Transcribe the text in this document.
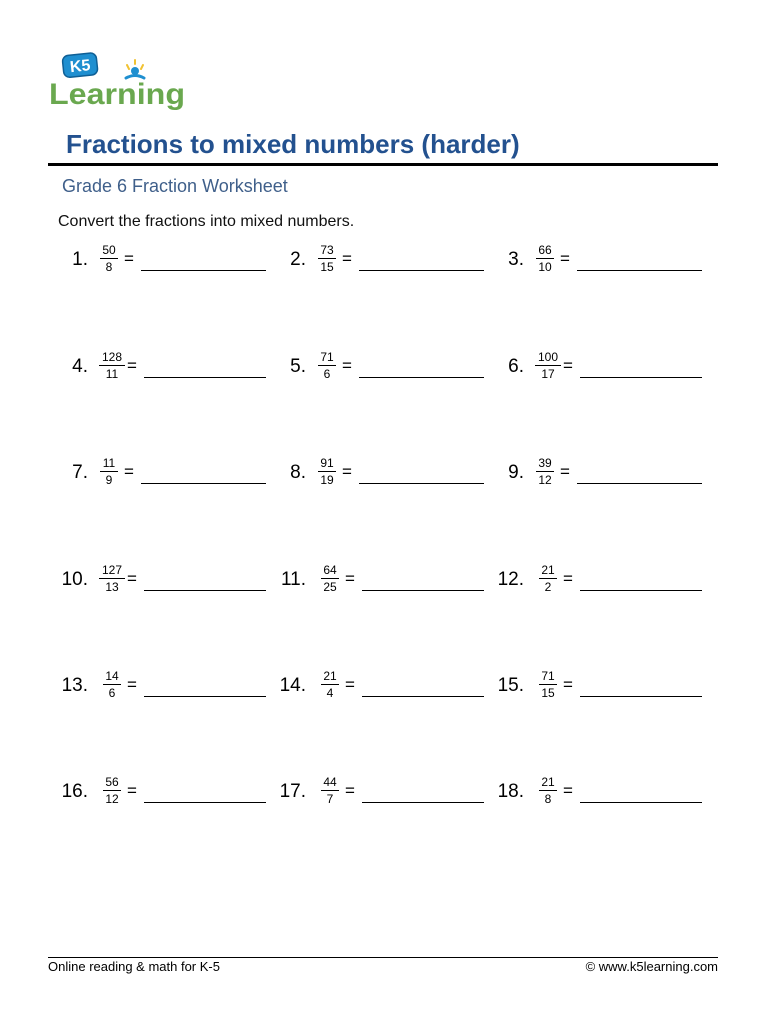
K5
Learning
Fractions to mixed numbers (harder)
Grade 6 Fraction Worksheet
Convert the fractions into mixed numbers.
1.	50
8 =	2.	73
15 =	3.	66
10 =
4.	128
11 =	5.	71
6 =	6.	100
17 =
7.	11
9 =	8.	91
19 =	9.	39
12 =
10.	127
13 =	11.	64
25 =	12.	21
2 =
13.	14
6 =	14.	21
4 =	15.	71
15 =
16.	56
12 =	17.	44
7 =	18.	21
8 =
Online reading & math for K-5	© www.k5learning.com
